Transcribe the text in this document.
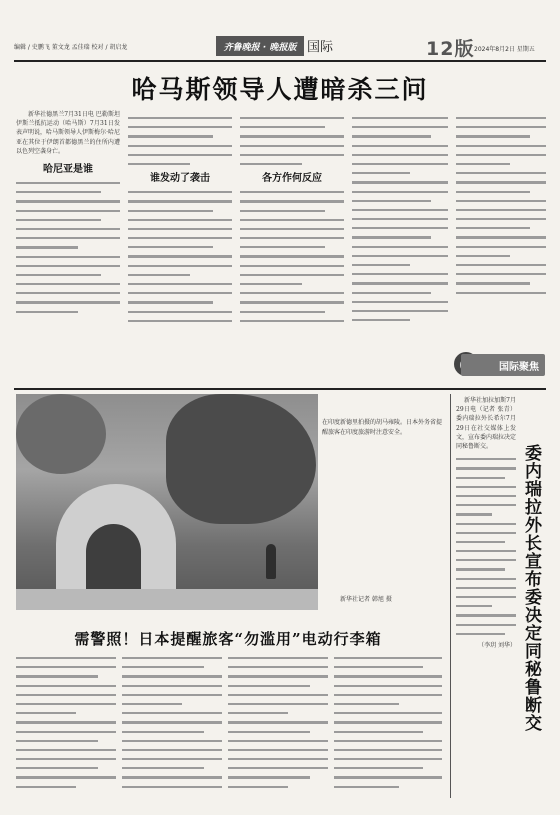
编辑 / 史鹏飞 董文龙 孟佳瑞 校对 / 胡启龙	齐鲁晚报 · 晚报版 国际	12版 2024年8月2日 星期五
哈马斯领导人遭暗杀三问
新华社德黑兰7月31日电 巴勒斯坦伊斯兰抵抗运动（哈马斯）7月31日发表声明说，哈马斯领导人伊斯梅尔·哈尼亚在其位于伊朗首都德黑兰的住所内遭以色列空袭身亡。
哈尼亚是谁
谁发动了袭击	各方作何反应
国际聚焦
在印度新德里拍摄的胡马雍陵。日本外务省提醒旅客在印度旅游时注意安全。
新华社记者 韩旭 摄
需警照！日本提醒旅客“勿滥用”电动行李箱
新华社加拉加斯7月29日电（记者 张青）委内瑞拉外长希尔7月29日在社交媒体上发文，宣布委内瑞拉决定同秘鲁断交。
（李玥 刘华） 委内瑞拉外长宣布委决定同秘鲁断交
